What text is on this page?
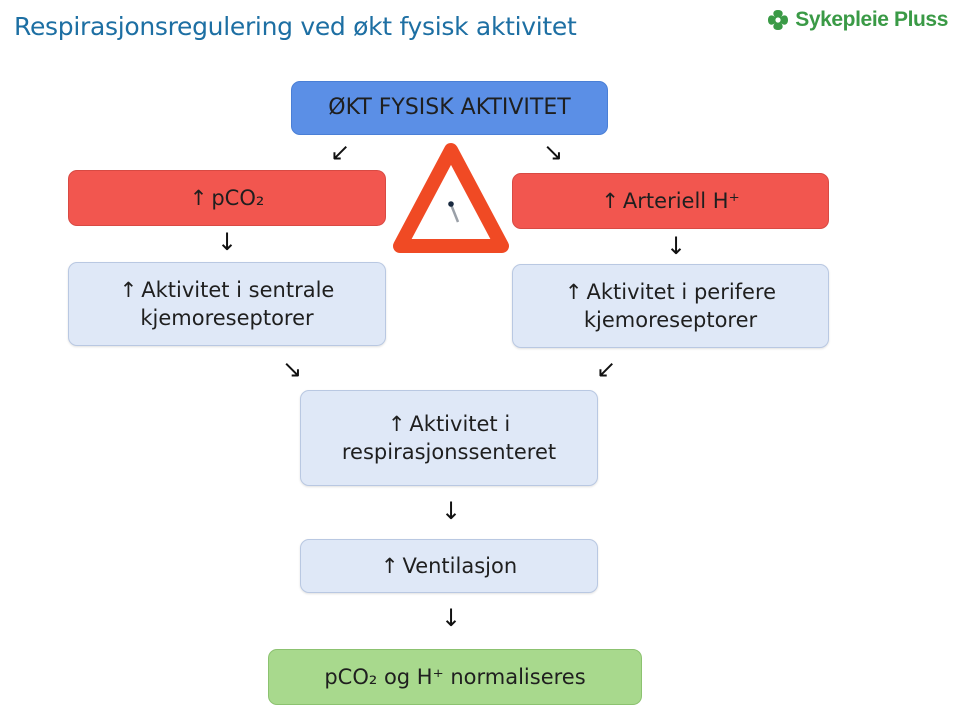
Respirasjonsregulering ved økt fysisk aktivitet	Sykepleie Pluss
ØKT FYSISK AKTIVITET
↙	↘
↑ pCO₂	↑ Arteriell H⁺
↓	↓
↑ Aktivitet i sentrale kjemoreseptorer
↑ Aktivitet i perifere kjemoreseptorer
↘	↙
↑ Aktivitet i respirasjonssenteret
↓
↑ Ventilasjon
↓
pCO₂ og H⁺ normaliseres
